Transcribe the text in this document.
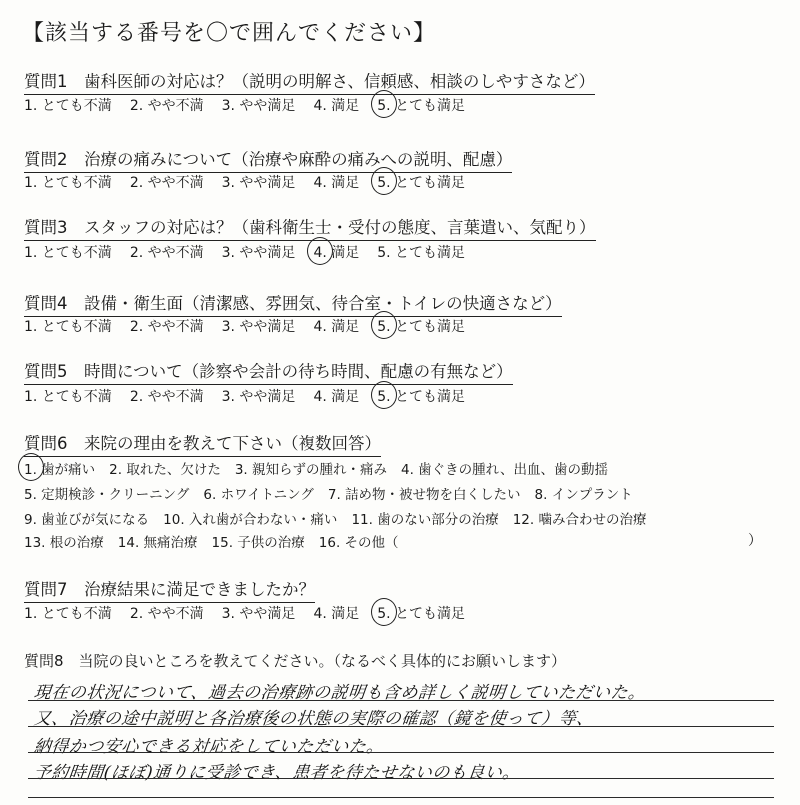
【該当する番号を〇で囲んでください】
質問1　歯科医師の対応は？（説明の明解さ、信頼感、相談のしやすさなど）
1. とても不満 2. やや不満 3. やや満足 4. 満足 5. とても満足
質問2　治療の痛みについて（治療や麻酔の痛みへの説明、配慮）
1. とても不満 2. やや不満 3. やや満足 4. 満足 5. とても満足
質問3　スタッフの対応は？（歯科衛生士・受付の態度、言葉遣い、気配り）
1. とても不満 2. やや不満 3. やや満足 4. 満足 5. とても満足
質問4　設備・衛生面（清潔感、雰囲気、待合室・トイレの快適さなど）
1. とても不満 2. やや不満 3. やや満足 4. 満足 5. とても満足
質問5　時間について（診察や会計の待ち時間、配慮の有無など）
1. とても不満 2. やや不満 3. やや満足 4. 満足 5. とても満足
質問6　来院の理由を教えて下さい（複数回答）
1. 歯が痛い 2. 取れた、欠けた 3. 親知らずの腫れ・痛み 4. 歯ぐきの腫れ、出血、歯の動揺
5. 定期検診・クリーニング 6. ホワイトニング 7. 詰め物・被せ物を白くしたい 8. インプラント
9. 歯並びが気になる 10. 入れ歯が合わない・痛い 11. 歯のない部分の治療 12. 噛み合わせの治療
13. 根の治療 14. 無痛治療 15. 子供の治療 16. その他（	）
質問7　治療結果に満足できましたか？
1. とても不満 2. やや不満 3. やや満足 4. 満足 5. とても満足
質問8　当院の良いところを教えてください。（なるべく具体的にお願いします）
現在の状況について、過去の治療跡の説明も含め詳しく説明していただいた。
又、治療の途中説明と各治療後の状態の実際の確認（鏡を使って）等、
納得かつ安心できる対応をしていただいた。
予約時間(ほぼ)通りに受診でき、患者を待たせないのも良い。
